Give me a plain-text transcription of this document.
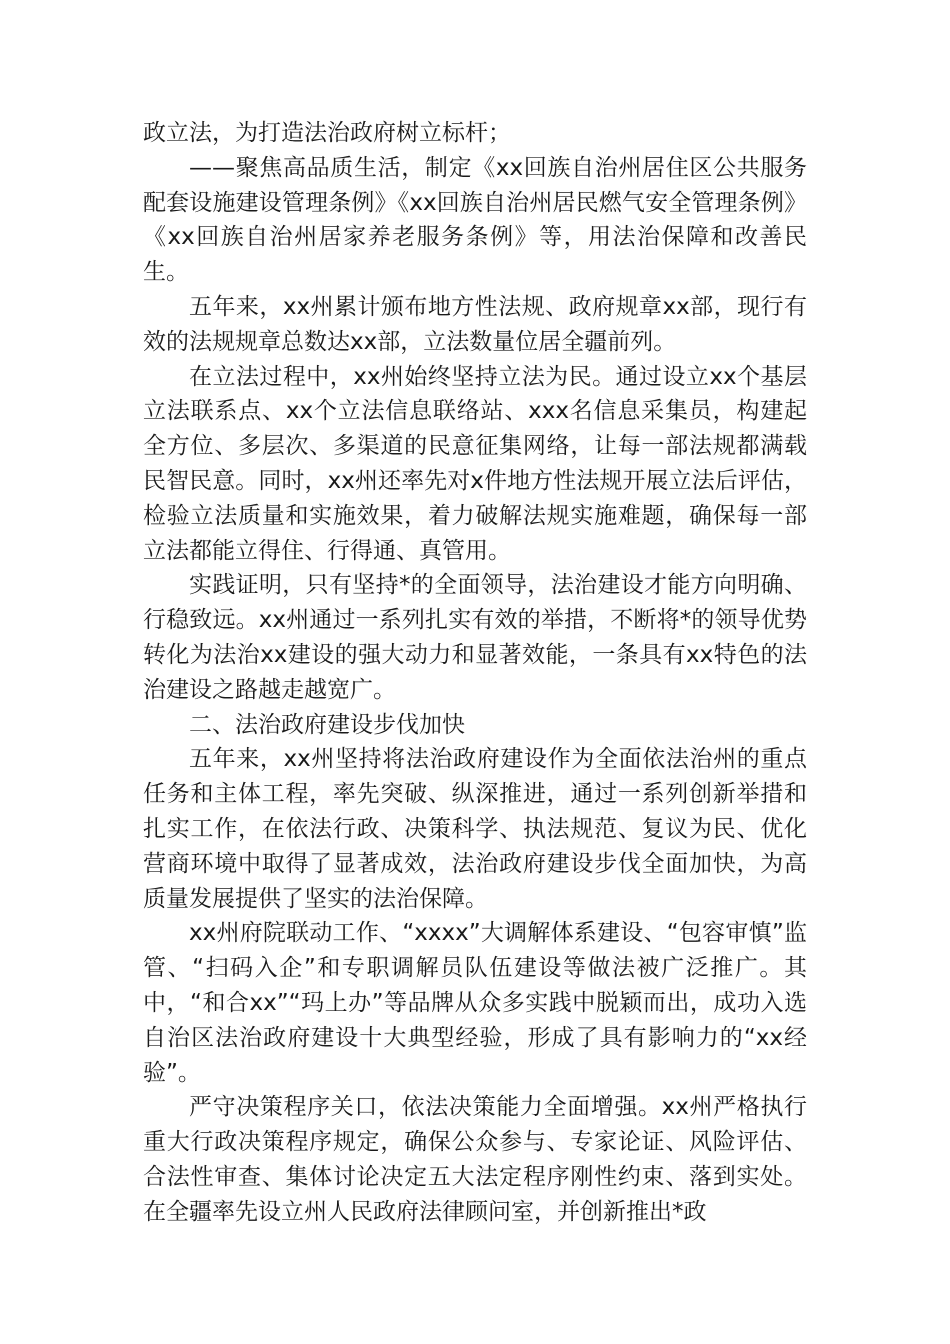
政立法，为打造法治政府树立标杆；

——聚焦高品质生活，制定《xx回族自治州居住区公共服务配套设施建设管理条例》《xx回族自治州居民燃气安全管理条例》《xx回族自治州居家养老服务条例》等，用法治保障和改善民生。

五年来，xx州累计颁布地方性法规、政府规章xx部，现行有效的法规规章总数达xx部，立法数量位居全疆前列。

在立法过程中，xx州始终坚持立法为民。通过设立xx个基层立法联系点、xx个立法信息联络站、xxx名信息采集员，构建起全方位、多层次、多渠道的民意征集网络，让每一部法规都满载民智民意。同时，xx州还率先对x件地方性法规开展立法后评估，检验立法质量和实施效果，着力破解法规实施难题，确保每一部立法都能立得住、行得通、真管用。

实践证明，只有坚持*的全面领导，法治建设才能方向明确、行稳致远。xx州通过一系列扎实有效的举措，不断将*的领导优势转化为法治xx建设的强大动力和显著效能，一条具有xx特色的法治建设之路越走越宽广。

二、法治政府建设步伐加快

五年来，xx州坚持将法治政府建设作为全面依法治州的重点任务和主体工程，率先突破、纵深推进，通过一系列创新举措和扎实工作，在依法行政、决策科学、执法规范、复议为民、优化营商环境中取得了显著成效，法治政府建设步伐全面加快，为高质量发展提供了坚实的法治保障。

xx州府院联动工作、“xxxx”大调解体系建设、“包容审慎”监管、“扫码入企”和专职调解员队伍建设等做法被广泛推广。其中，“和合xx”“玛上办”等品牌从众多实践中脱颖而出，成功入选自治区法治政府建设十大典型经验，形成了具有影响力的“xx经验”。

严守决策程序关口，依法决策能力全面增强。xx州严格执行重大行政决策程序规定，确保公众参与、专家论证、风险评估、合法性审查、集体讨论决定五大法定程序刚性约束、落到实处。在全疆率先设立州人民政府法律顾问室，并创新推出*政
